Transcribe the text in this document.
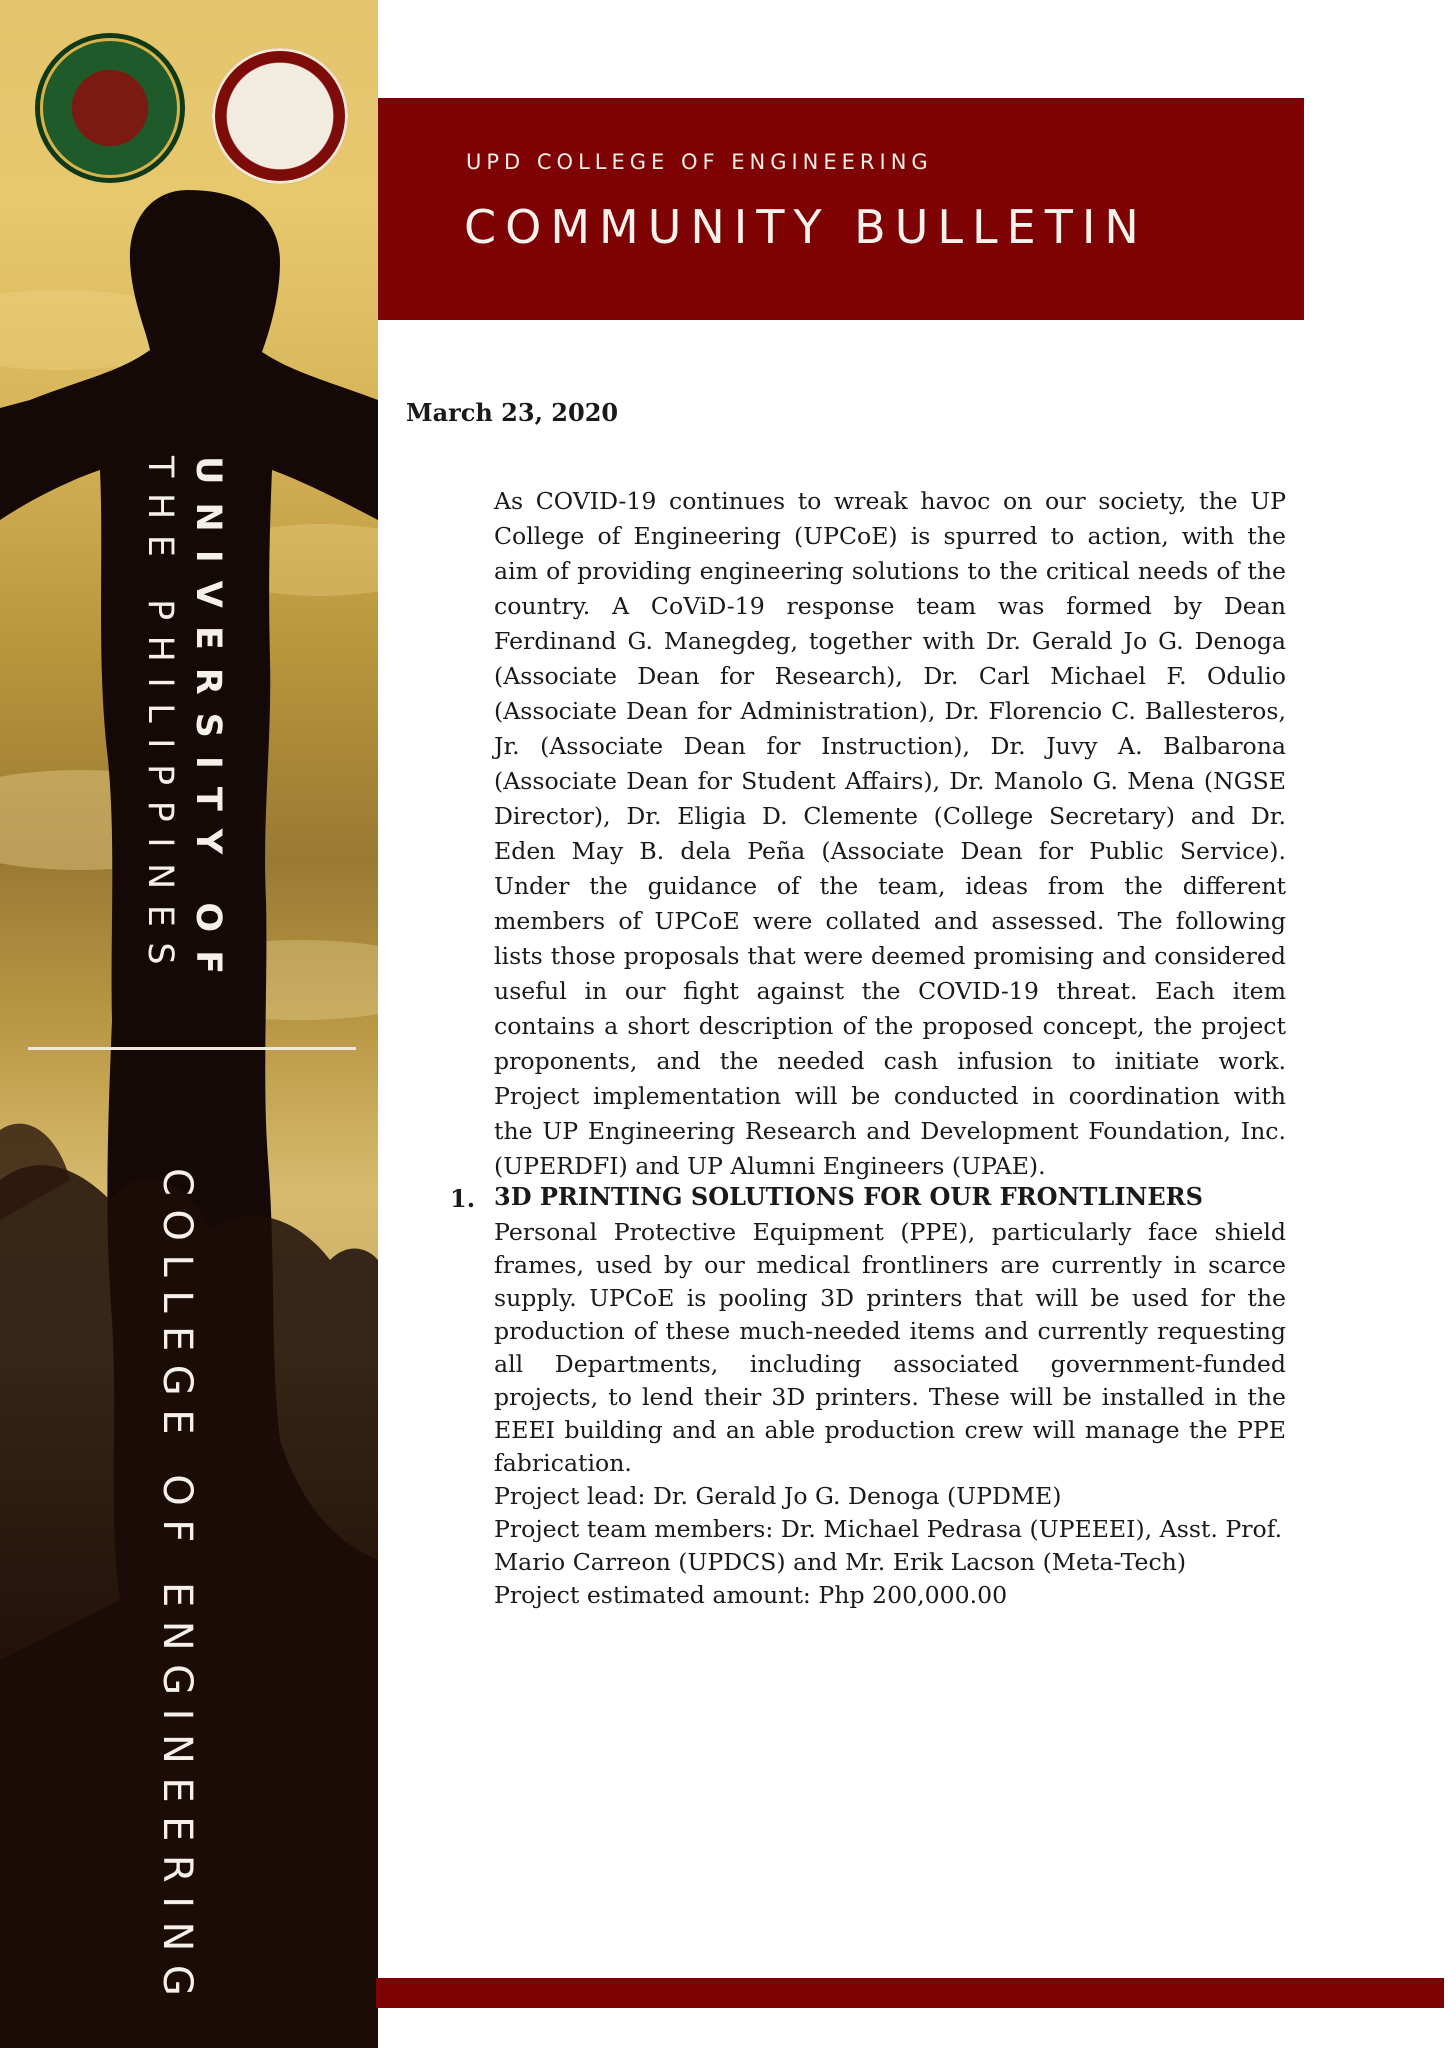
UNIVERSITY OF
THE PHILIPPINES
COLLEGE OF ENGINEERING
UPD COLLEGE OF ENGINEERING
COMMUNITY BULLETIN
March 23, 2020
As COVID-19 continues to wreak havoc on our society, the UP College of Engineering (UPCoE) is spurred to action, with the aim of providing engineering solutions to the critical needs of the country. A CoViD-19 response team was formed by Dean Ferdinand G. Manegdeg, together with Dr. Gerald Jo G. Denoga (Associate Dean for Research), Dr. Carl Michael F. Odulio (Associate Dean for Administration), Dr. Florencio C. Ballesteros, Jr. (Associate Dean for Instruction), Dr. Juvy A. Balbarona (Associate Dean for Student Affairs), Dr. Manolo G. Mena (NGSE Director), Dr. Eligia D. Clemente (College Secretary) and Dr. Eden May B. dela Peña (Associate Dean for Public Service). Under the guidance of the team, ideas from the different members of UPCoE were collated and assessed. The following lists those proposals that were deemed promising and considered useful in our fight against the COVID-19 threat. Each item contains a short description of the proposed concept, the project proponents, and the needed cash infusion to initiate work. Project implementation will be conducted in coordination with the UP Engineering Research and Development Foundation, Inc. (UPERDFI) and UP Alumni Engineers (UPAE).
1. 3D PRINTING SOLUTIONS FOR OUR FRONTLINERS
Personal Protective Equipment (PPE), particularly face shield frames, used by our medical frontliners are currently in scarce supply. UPCoE is pooling 3D printers that will be used for the production of these much-needed items and currently requesting all Departments, including associated government-funded projects, to lend their 3D printers. These will be installed in the EEEI building and an able production crew will manage the PPE fabrication.
Project lead: Dr. Gerald Jo G. Denoga (UPDME)
Project team members: Dr. Michael Pedrasa (UPEEEI), Asst. Prof. Mario Carreon (UPDCS) and Mr. Erik Lacson (Meta-Tech)
Project estimated amount: Php 200,000.00
